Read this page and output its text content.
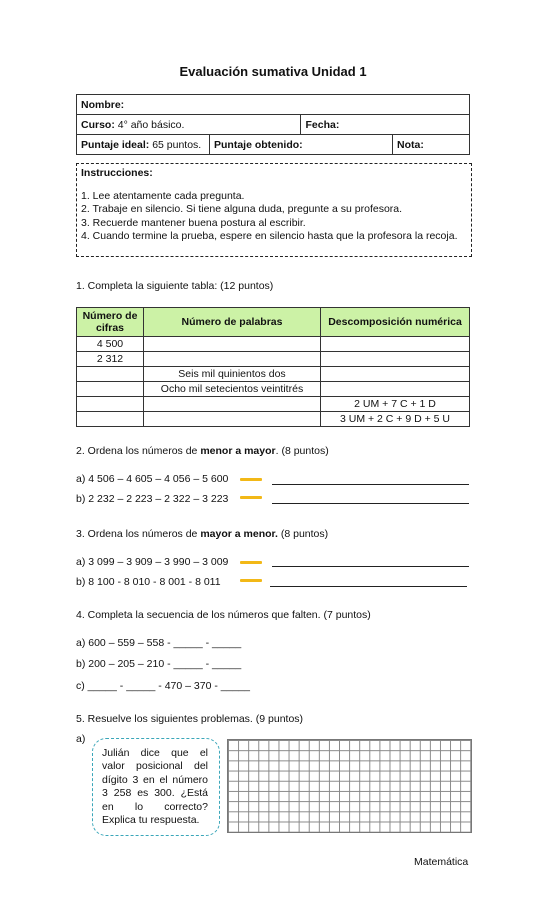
Evaluación sumativa Unidad 1
Nombre:			
Curso: 4° año básico.		Fecha:	
Puntaje ideal: 65 puntos.	Puntaje obtenido:		Nota:
Instrucciones:
1. Lee atentamente cada pregunta.
2. Trabaje en silencio. Si tiene alguna duda, pregunte a su profesora.
3. Recuerde mantener buena postura al escribir.
4. Cuando termine la prueba, espere en silencio hasta que la profesora la recoja.
1. Completa la siguiente tabla: (12 puntos)
Número de cifras	Número de palabras	Descomposición numérica
4 500		
2 312		
	Seis mil quinientos dos	
	Ocho mil setecientos veintitrés	
		2 UM + 7 C + 1 D
		3 UM + 2 C + 9 D + 5 U
2. Ordena los números de menor a mayor. (8 puntos)
a) 4 506 – 4 605 – 4 056 – 5 600
b) 2 232 – 2 223 – 2 322 – 3 223
3. Ordena los números de mayor a menor. (8 puntos)
a) 3 099 – 3 909 – 3 990 – 3 009
b) 8 100 - 8 010 - 8 001 - 8 011
4. Completa la secuencia de los números que falten. (7 puntos)
a) 600 – 559 – 558 - _____ - _____
b) 200 – 205 – 210 - _____ - _____
c) _____ - _____ - 470 – 370 - _____
5. Resuelve los siguientes problemas. (9 puntos)
a)
Julián dice que el valor posicional del dígito 3 en el número 3 258 es 300. ¿Está en lo correcto? Explica tu respuesta.
Matemática
